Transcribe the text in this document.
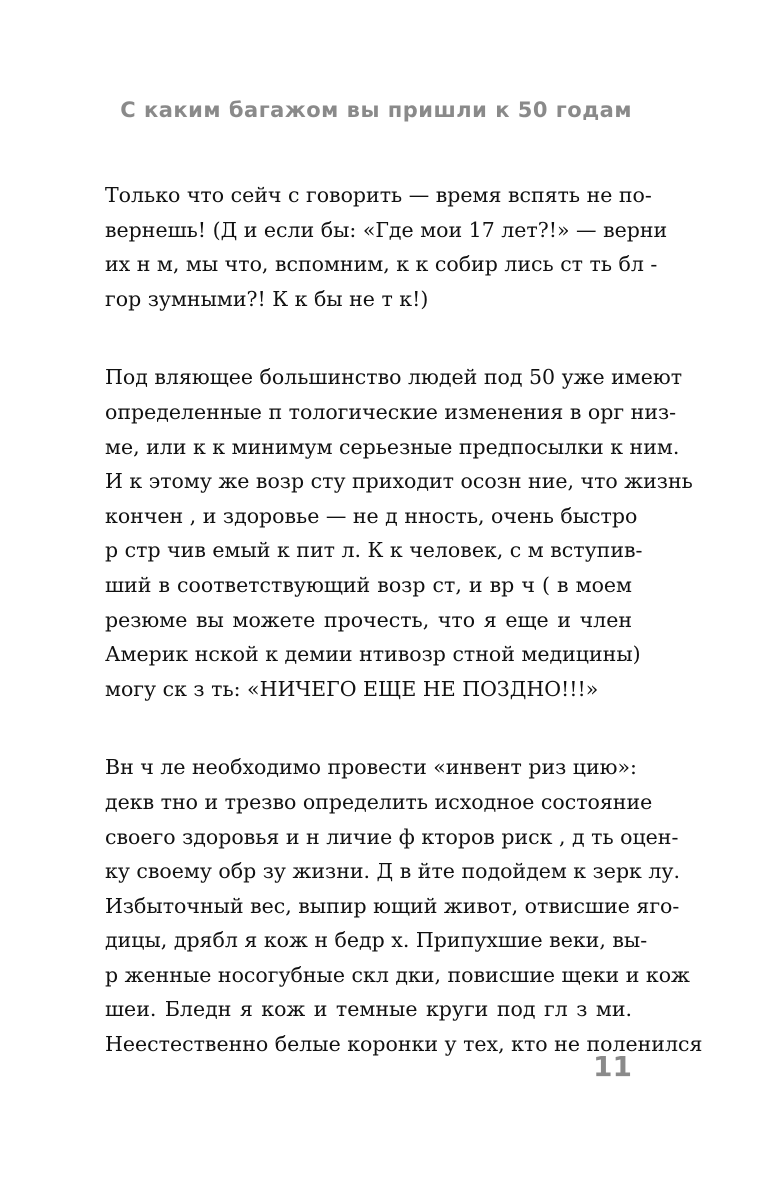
С каким багажом вы пришли к 50 годам
Только что сейч с говорить — время вспять не по-
вернешь! (Д и если бы: «Где мои 17 лет?!» — верни
их н м, мы что, вспомним, к к собир лись ст ть бл -
гор зумными?! К к бы не т к!)
Под вляющее большинство людей под 50 уже имеют
определенные п тологические изменения в орг низ-
ме, или к к минимум серьезные предпосылки к ним.
И к этому же возр сту приходит осозн ние, что жизнь
кончен , и здоровье — не д нность, очень быстро
р стр чив емый к пит л. К к человек, с м вступив-
ший в соответствующий возр ст, и вр ч ( в моем
резюме вы можете прочесть, что я еще и член
Америк нской к демии нтивозр стной медицины)
могу ск з ть: «НИЧЕГО ЕЩЕ НЕ ПОЗДНО!!!»
Вн ч ле необходимо провести «инвент риз цию»:
декв тно и трезво определить исходное состояние
своего здоровья и н личие ф кторов риск , д ть оцен-
ку своему обр зу жизни. Д в йте подойдем к зерк лу.
Избыточный вес, выпир ющий живот, отвисшие яго-
дицы, дрябл я кож н бедр х. Припухшие веки, вы-
р женные носогубные скл дки, повисшие щеки и кож
шеи. Бледн я кож и темные круги под гл з ми.
Неестественно белые коронки у тех, кто не поленился
11
